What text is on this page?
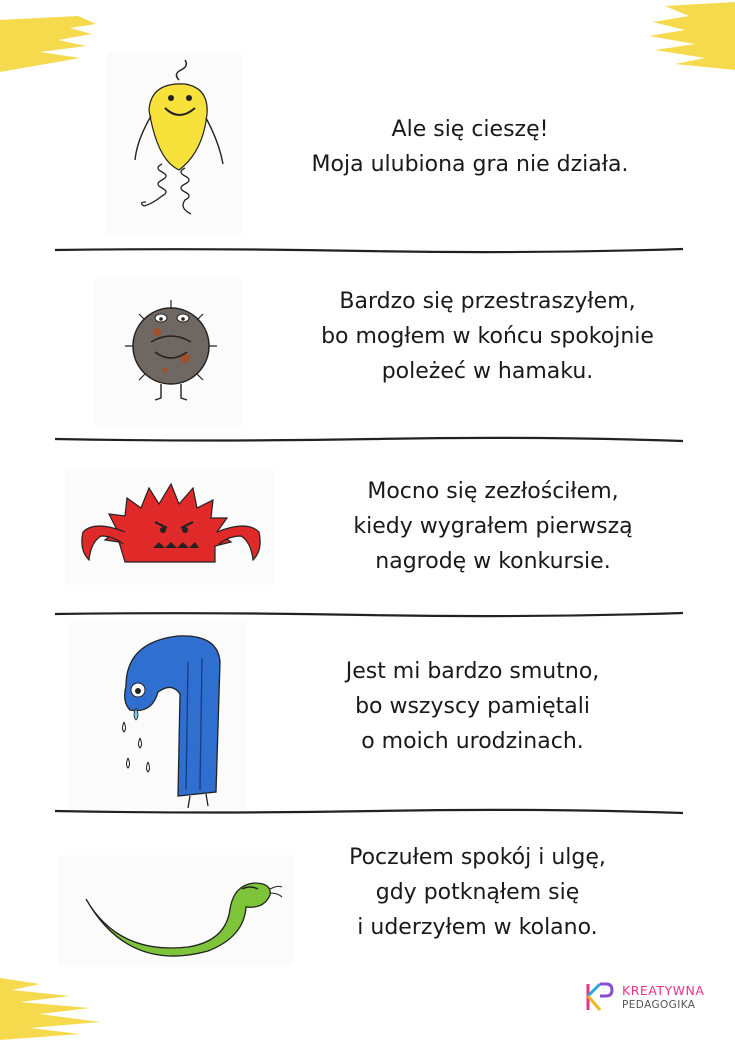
Ale się cieszę!
Moja ulubiona gra nie działa.
Bardzo się przestraszyłem,
bo mogłem w końcu spokojnie
poleżeć w hamaku.
Mocno się zezłościłem,
kiedy wygrałem pierwszą
nagrodę w konkursie.
Jest mi bardzo smutno,
bo wszyscy pamiętali
o moich urodzinach.
Poczułem spokój i ulgę,
gdy potknąłem się
i uderzyłem w kolano.
KREATYWNA
PEDAGOGIKA
